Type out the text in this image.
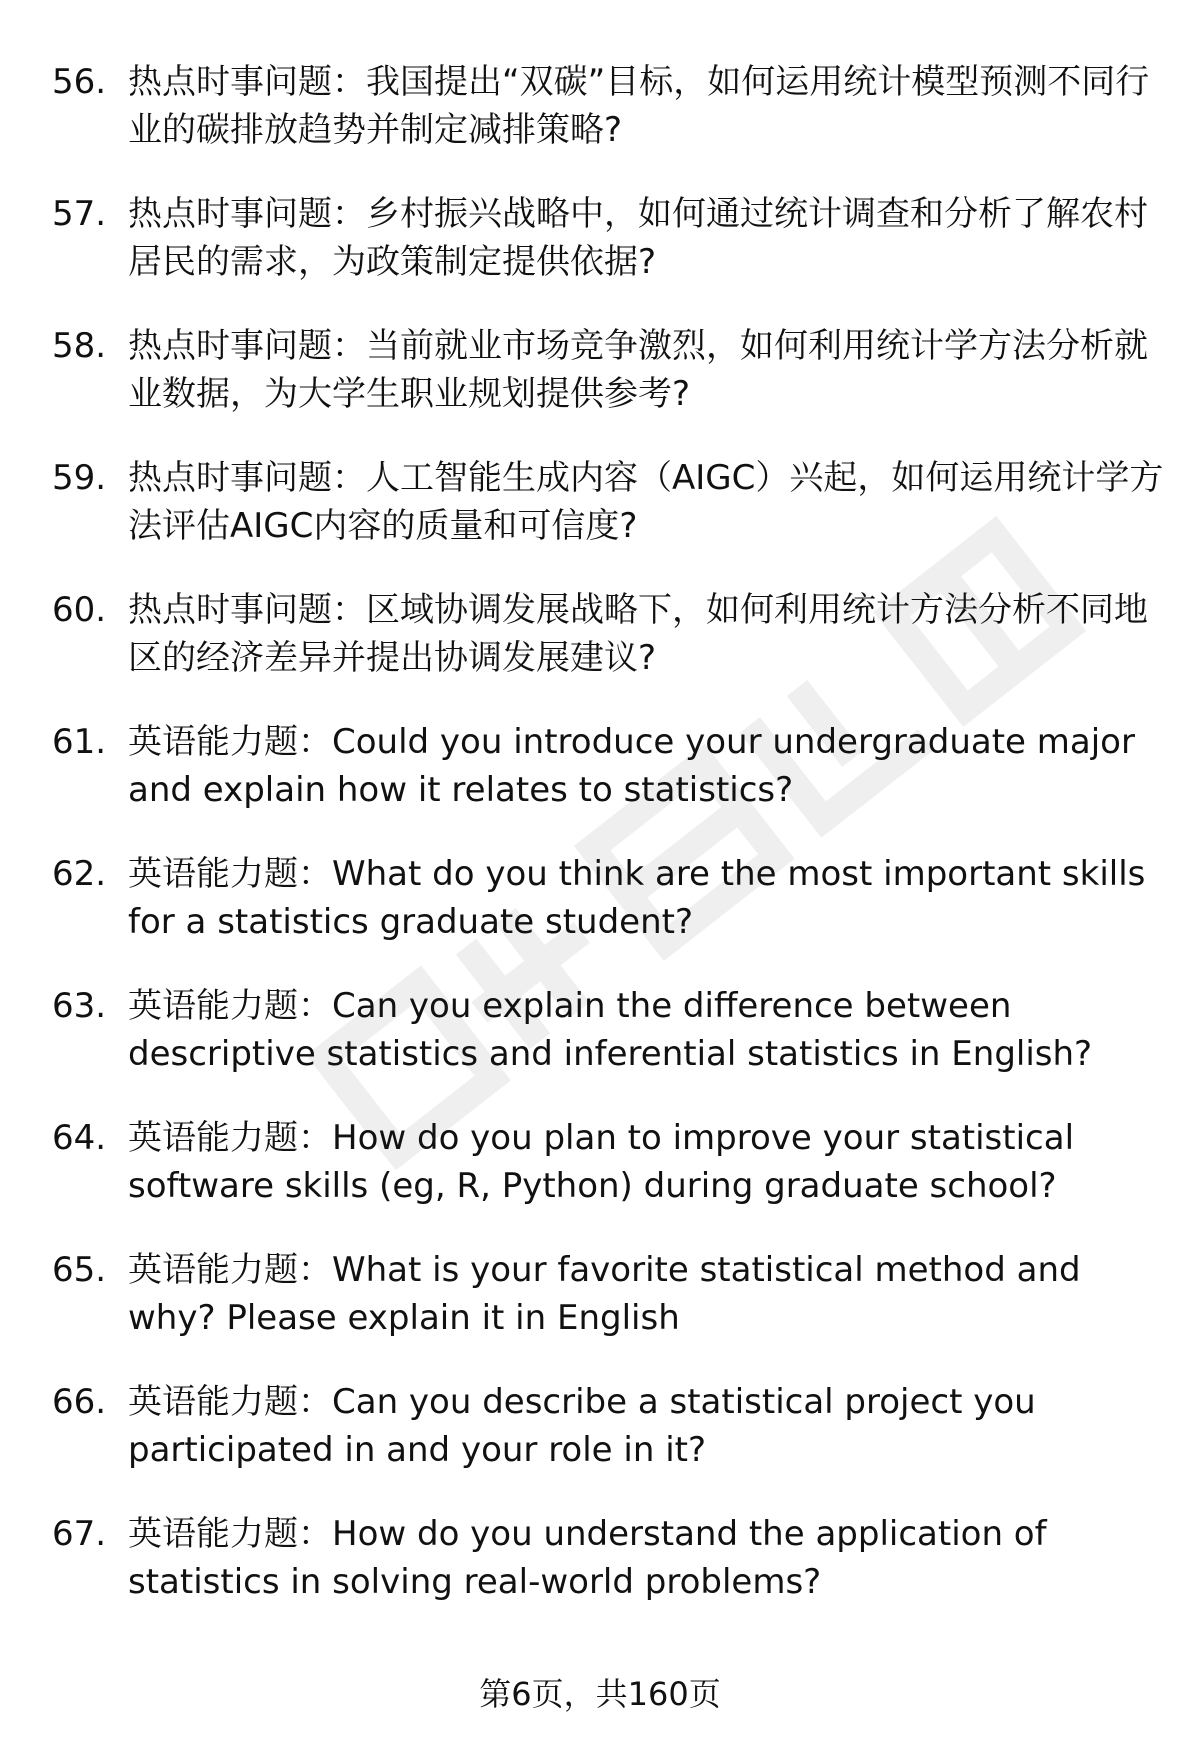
56. 热点时事问题：我国提出“双碳”目标，如何运用统计模型预测不同行业的碳排放趋势并制定减排策略?
57. 热点时事问题：乡村振兴战略中，如何通过统计调查和分析了解农村居民的需求，为政策制定提供依据?
58. 热点时事问题：当前就业市场竞争激烈，如何利用统计学方法分析就业数据，为大学生职业规划提供参考?
59. 热点时事问题：人工智能生成内容（AIGC）兴起，如何运用统计学方法评估AIGC内容的质量和可信度?
60. 热点时事问题：区域协调发展战略下，如何利用统计方法分析不同地区的经济差异并提出协调发展建议?
61. 英语能力题：Could you introduce your undergraduate major and explain how it relates to statistics?
62. 英语能力题：What do you think are the most important skills for a statistics graduate student?
63. 英语能力题：Can you explain the difference between descriptive statistics and inferential statistics in English?
64. 英语能力题：How do you plan to improve your statistical software skills (eg, R, Python) during graduate school?
65. 英语能力题：What is your favorite statistical method and why? Please explain it in English
66. 英语能力题：Can you describe a statistical project you participated in and your role in it?
67. 英语能力题：How do you understand the application of statistics in solving real-world problems?
第6页，共160页
